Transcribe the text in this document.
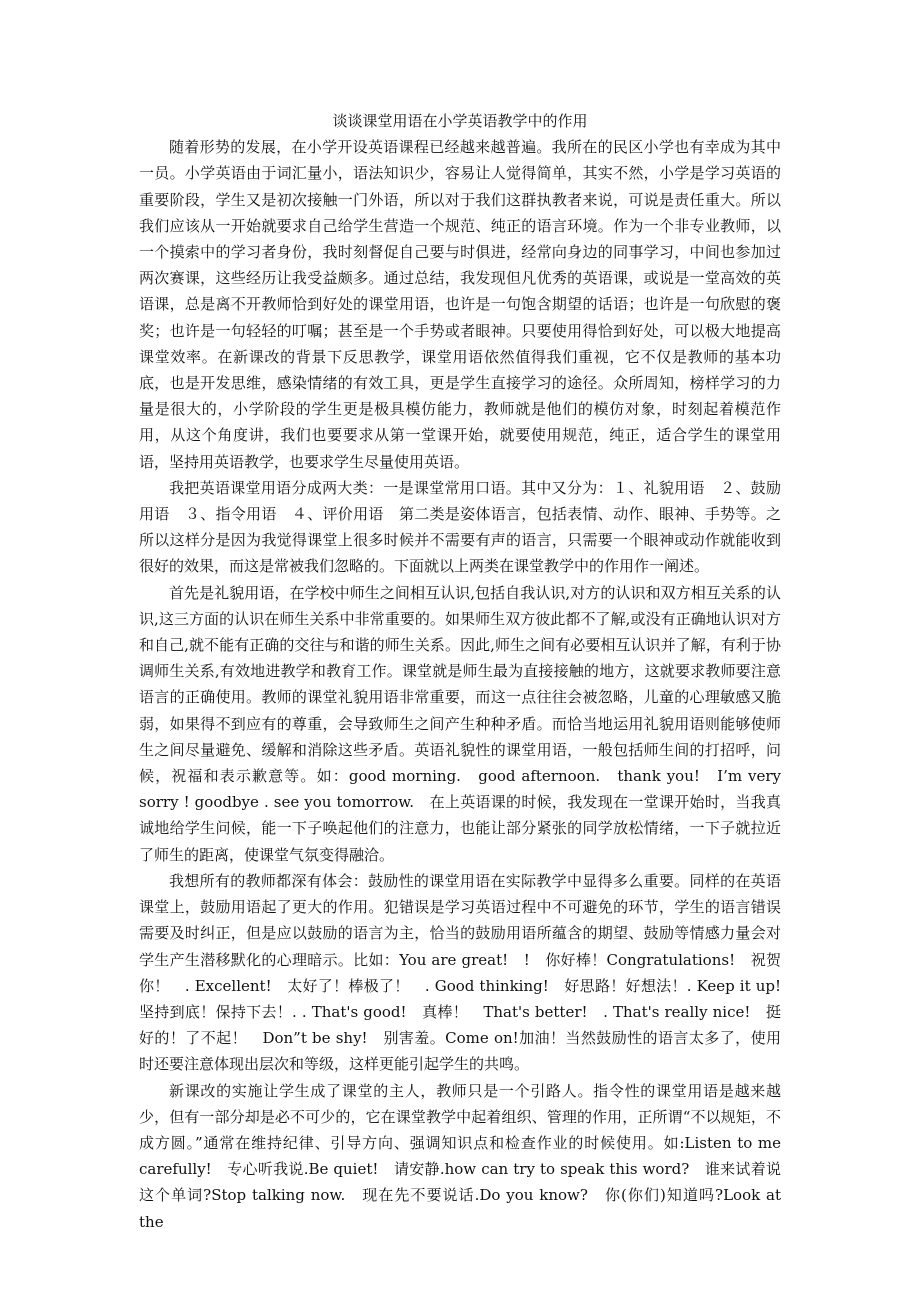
谈谈课堂用语在小学英语教学中的作用

随着形势的发展，在小学开设英语课程已经越来越普遍。我所在的民区小学也有幸成为其中一员。小学英语由于词汇量小，语法知识少，容易让人觉得简单，其实不然，小学是学习英语的重要阶段，学生又是初次接触一门外语，所以对于我们这群执教者来说，可说是责任重大。所以我们应该从一开始就要求自己给学生营造一个规范、纯正的语言环境。作为一个非专业教师，以一个摸索中的学习者身份，我时刻督促自己要与时俱进，经常向身边的同事学习，中间也参加过两次赛课，这些经历让我受益颇多。通过总结，我发现但凡优秀的英语课，或说是一堂高效的英语课，总是离不开教师恰到好处的课堂用语，也许是一句饱含期望的话语；也许是一句欣慰的褒奖；也许是一句轻轻的叮嘱；甚至是一个手势或者眼神。只要使用得恰到好处，可以极大地提高课堂效率。在新课改的背景下反思教学，课堂用语依然值得我们重视，它不仅是教师的基本功底，也是开发思维，感染情绪的有效工具，更是学生直接学习的途径。众所周知，榜样学习的力量是很大的，小学阶段的学生更是极具模仿能力，教师就是他们的模仿对象，时刻起着模范作用，从这个角度讲，我们也要要求从第一堂课开始，就要使用规范，纯正，适合学生的课堂用语，坚持用英语教学，也要求学生尽量使用英语。

我把英语课堂用语分成两大类：一是课堂常用口语。其中又分为：１、礼貌用语　２、鼓励用语　３、指令用语　４、评价用语　第二类是姿体语言，包括表情、动作、眼神、手势等。之所以这样分是因为我觉得课堂上很多时候并不需要有声的语言，只需要一个眼神或动作就能收到很好的效果，而这是常被我们忽略的。下面就以上两类在课堂教学中的作用作一阐述。

首先是礼貌用语，在学校中师生之间相互认识,包括自我认识,对方的认识和双方相互关系的认识,这三方面的认识在师生关系中非常重要的。如果师生双方彼此都不了解,或没有正确地认识对方和自己,就不能有正确的交往与和谐的师生关系。因此,师生之间有必要相互认识并了解，有利于协调师生关系,有效地进教学和教育工作。课堂就是师生最为直接接触的地方，这就要求教师要注意语言的正确使用。教师的课堂礼貌用语非常重要，而这一点往往会被忽略，儿童的心理敏感又脆弱，如果得不到应有的尊重，会导致师生之间产生种种矛盾。而恰当地运用礼貌用语则能够使师生之间尽量避免、缓解和消除这些矛盾。英语礼貌性的课堂用语，一般包括师生间的打招呼，问候，祝福和表示歉意等。如：good morning.　good afternoon.　thank you!　I’m very sorry ! goodbye . see you tomorrow.　在上英语课的时候，我发现在一堂课开始时，当我真诚地给学生问候，能一下子唤起他们的注意力，也能让部分紧张的同学放松情绪，一下子就拉近了师生的距离，使课堂气氛变得融洽。

我想所有的教师都深有体会：鼓励性的课堂用语在实际教学中显得多么重要。同样的在英语课堂上，鼓励用语起了更大的作用。犯错误是学习英语过程中不可避免的环节，学生的语言错误需要及时纠正，但是应以鼓励的语言为主，恰当的鼓励用语所蕴含的期望、鼓励等情感力量会对学生产生潜移默化的心理暗示。比如：You are great!　!　你好棒！Congratulations!　祝贺你！　. Excellent!　太好了！棒极了！　. Good thinking!　好思路！好想法！. Keep it up!坚持到底！保持下去！. . That's good!　真棒！　That's better!　. That's really nice!　挺好的！了不起！　Don”t be shy!　别害羞。Come on!加油！当然鼓励性的语言太多了，使用时还要注意体现出层次和等级，这样更能引起学生的共鸣。

新课改的实施让学生成了课堂的主人，教师只是一个引路人。指令性的课堂用语是越来越少，但有一部分却是必不可少的，它在课堂教学中起着组织、管理的作用，正所谓“不以规矩，不成方圆。”通常在维持纪律、引导方向、强调知识点和检查作业的时候使用。如:Listen to me carefully!　专心听我说.Be quiet!　请安静.how can try to speak this word?　谁来试着说这个单词?Stop talking now.　现在先不要说话.Do you know?　你(你们)知道吗?Look at the
